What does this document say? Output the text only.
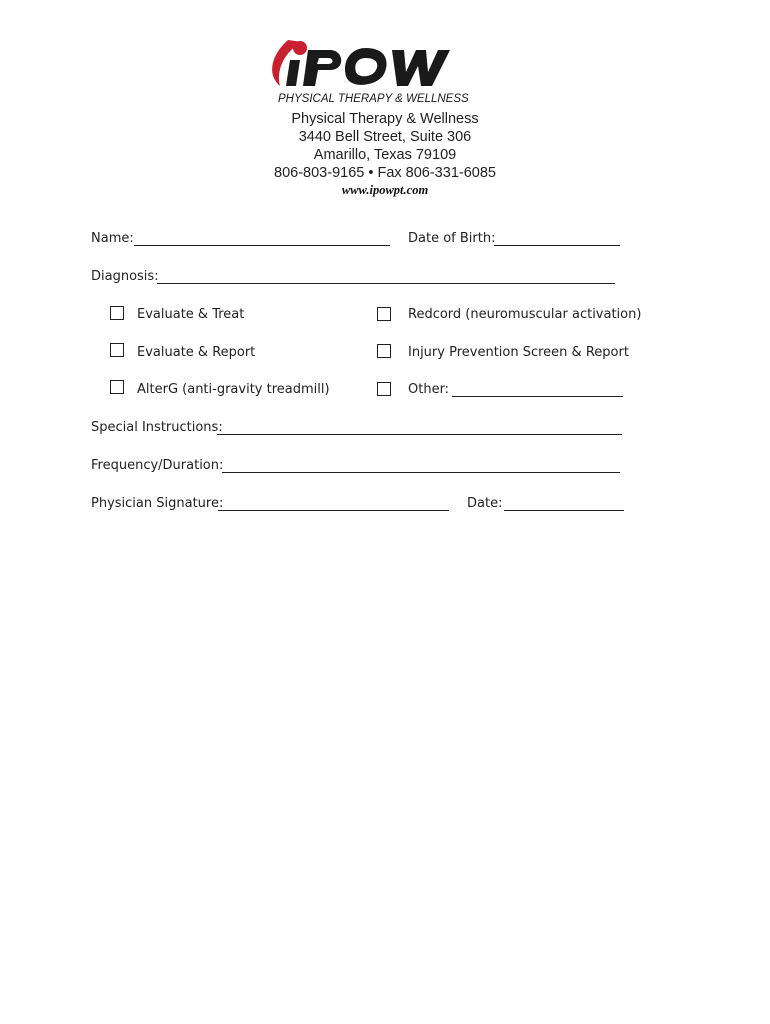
PHYSICAL THERAPY & WELLNESS
Physical Therapy & Wellness
3440 Bell Street, Suite 306
Amarillo, Texas 79109
806-803-9165 • Fax 806-331-6085
www.ipowpt.com
Name:	Date of Birth:
Diagnosis:
Evaluate & Treat
Evaluate & Report
AlterG (anti-gravity treadmill)
Redcord (neuromuscular activation)
Injury Prevention Screen & Report
Other:
Special Instructions:
Frequency/Duration:
Physician Signature:	Date:
